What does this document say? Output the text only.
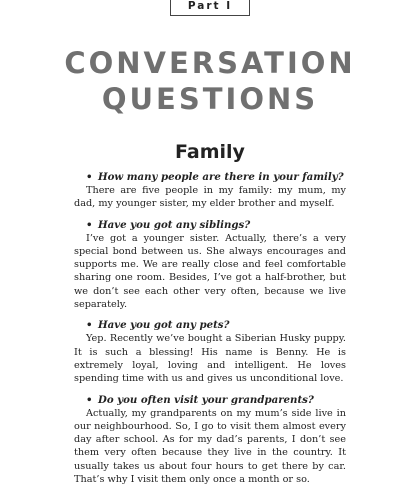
Part I
CONVERSATION
QUESTIONS
Family
• How many people are there in your family?

There are five people in my family: my mum, my dad, my younger sister, my elder brother and myself.

• Have you got any siblings?

I’ve got a younger sister. Actually, there’s a very special bond between us. She always encourages and supports me. We are really close and feel comfortable sharing one room. Besides, I’ve got a half-brother, but we don’t see each other very often, because we live separately.

• Have you got any pets?

Yep. Recently we’ve bought a Siberian Husky puppy. It is such a blessing! His name is Benny. He is extremely loyal, loving and intelligent. He loves spending time with us and gives us unconditional love.

• Do you often visit your grandparents?

Actually, my grandparents on my mum’s side live in our neighbourhood. So, I go to visit them almost every day after school. As for my dad’s parents, I don’t see them very often because they live in the country. It usually takes us about four hours to get there by car. That’s why I visit them only once a month or so.
